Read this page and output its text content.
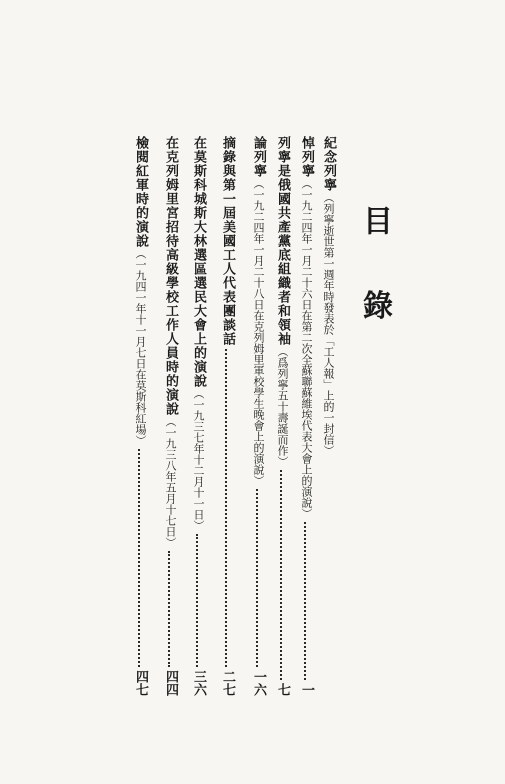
目 錄
紀念列寧
（列寧逝世第一週年時發表於「工人報」上的一封信）
悼列寧
（一九二四年一月二十六日在第二次全蘇聯蘇維埃代表大會上的演說）
一
列寧是俄國共產黨底組織者和領袖
（爲列寧五十壽誕而作）
七
論列寧
（一九二四年一月二十八日在克列姆里軍校學生晚會上的演說）
一六
摘錄與第一屆美國工人代表團談話
二七
在莫斯科城斯大林選區選民大會上的演說
（一九三七年十二月十一日）
三六
在克列姆里宮招待高級學校工作人員時的演說
（一九三八年五月十七日）
四四
檢閱紅軍時的演說
（一九四一年十一月七日在莫斯科紅場）
四七
